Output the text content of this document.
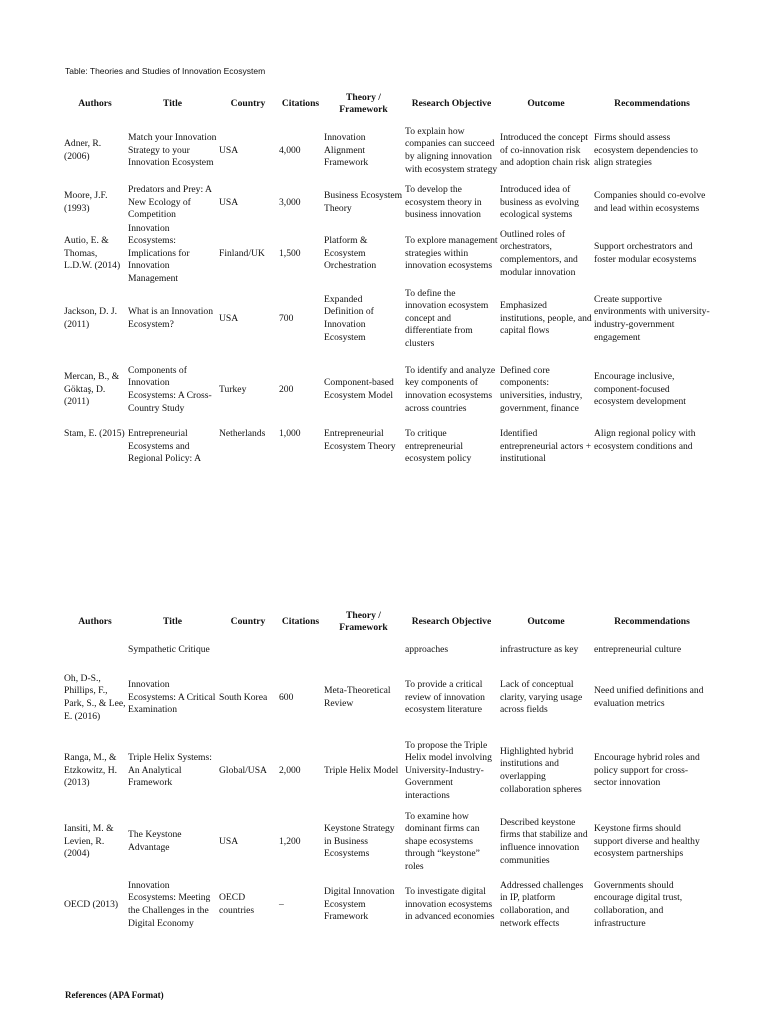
Table: Theories and Studies of Innovation Ecosystem
Authors	Title	Country	Citations	Theory / Framework	Research Objective	Outcome	Recommendations
Adner, R. (2006)	Match your Innovation Strategy to your Innovation Ecosystem	USA	4,000	Innovation Alignment Framework	To explain how companies can succeed by aligning innovation with ecosystem strategy	Introduced the concept of co-innovation risk and adoption chain risk	Firms should assess ecosystem dependencies to align strategies
Moore, J.F. (1993)	Predators and Prey: A New Ecology of Competition	USA	3,000	Business Ecosystem Theory	To develop the ecosystem theory in business innovation	Introduced idea of business as evolving ecological systems	Companies should co-evolve and lead within ecosystems
Autio, E. & Thomas, L.D.W. (2014)	Innovation Ecosystems: Implications for Innovation Management	Finland/UK	1,500	Platform & Ecosystem Orchestration	To explore management strategies within innovation ecosystems	Outlined roles of orchestrators, complementors, and modular innovation	Support orchestrators and foster modular ecosystems
Jackson, D. J. (2011)	What is an Innovation Ecosystem?	USA	700	Expanded Definition of Innovation Ecosystem	To define the innovation ecosystem concept and differentiate from clusters	Emphasized institutions, people, and capital flows	Create supportive environments with university-industry-government engagement
Mercan, B., & Göktaş, D. (2011)	Components of Innovation Ecosystems: A Cross-Country Study	Turkey	200	Component-based Ecosystem Model	To identify and analyze key components of innovation ecosystems across countries	Defined core components: universities, industry, government, finance	Encourage inclusive, component-focused ecosystem development
Stam, E. (2015)	Entrepreneurial Ecosystems and Regional Policy: A	Netherlands	1,000	Entrepreneurial Ecosystem Theory	To critique entrepreneurial ecosystem policy	Identified entrepreneurial actors + institutional	Align regional policy with ecosystem conditions and
Authors	Title	Country	Citations	Theory / Framework	Research Objective	Outcome	Recommendations
	Sympathetic Critique				approaches	infrastructure as key	entrepreneurial culture
Oh, D-S., Phillips, F., Park, S., & Lee, E. (2016)	Innovation Ecosystems: A Critical Examination	South Korea	600	Meta-Theoretical Review	To provide a critical review of innovation ecosystem literature	Lack of conceptual clarity, varying usage across fields	Need unified definitions and evaluation metrics
Ranga, M., & Etzkowitz, H. (2013)	Triple Helix Systems: An Analytical Framework	Global/USA	2,000	Triple Helix Model	To propose the Triple Helix model involving University-Industry-Government interactions	Highlighted hybrid institutions and overlapping collaboration spheres	Encourage hybrid roles and policy support for cross-sector innovation
Iansiti, M. & Levien, R. (2004)	The Keystone Advantage	USA	1,200	Keystone Strategy in Business Ecosystems	To examine how dominant firms can shape ecosystems through “keystone” roles	Described keystone firms that stabilize and influence innovation communities	Keystone firms should support diverse and healthy ecosystem partnerships
OECD (2013)	Innovation Ecosystems: Meeting the Challenges in the Digital Economy	OECD countries	–	Digital Innovation Ecosystem Framework	To investigate digital innovation ecosystems in advanced economies	Addressed challenges in IP, platform collaboration, and network effects	Governments should encourage digital trust, collaboration, and infrastructure
References (APA Format)
